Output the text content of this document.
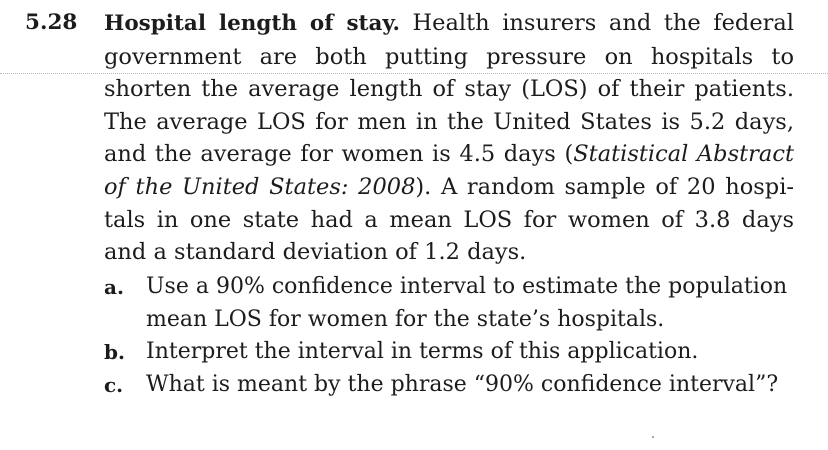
5.28 Hospital length of stay. Health insurers and the federal
government are both putting pressure on hospitals to
shorten the average length of stay (LOS) of their patients.
The average LOS for men in the United States is 5.2 days,
and the average for women is 4.5 days (Statistical Abstract
of the United States: 2008). A random sample of 20 hospi-
tals in one state had a mean LOS for women of 3.8 days
and a standard deviation of 1.2 days.
a. Use a 90% confidence interval to estimate the population
mean LOS for women for the state’s hospitals.
b. Interpret the interval in terms of this application.
c. What is meant by the phrase “90% confidence interval”?
